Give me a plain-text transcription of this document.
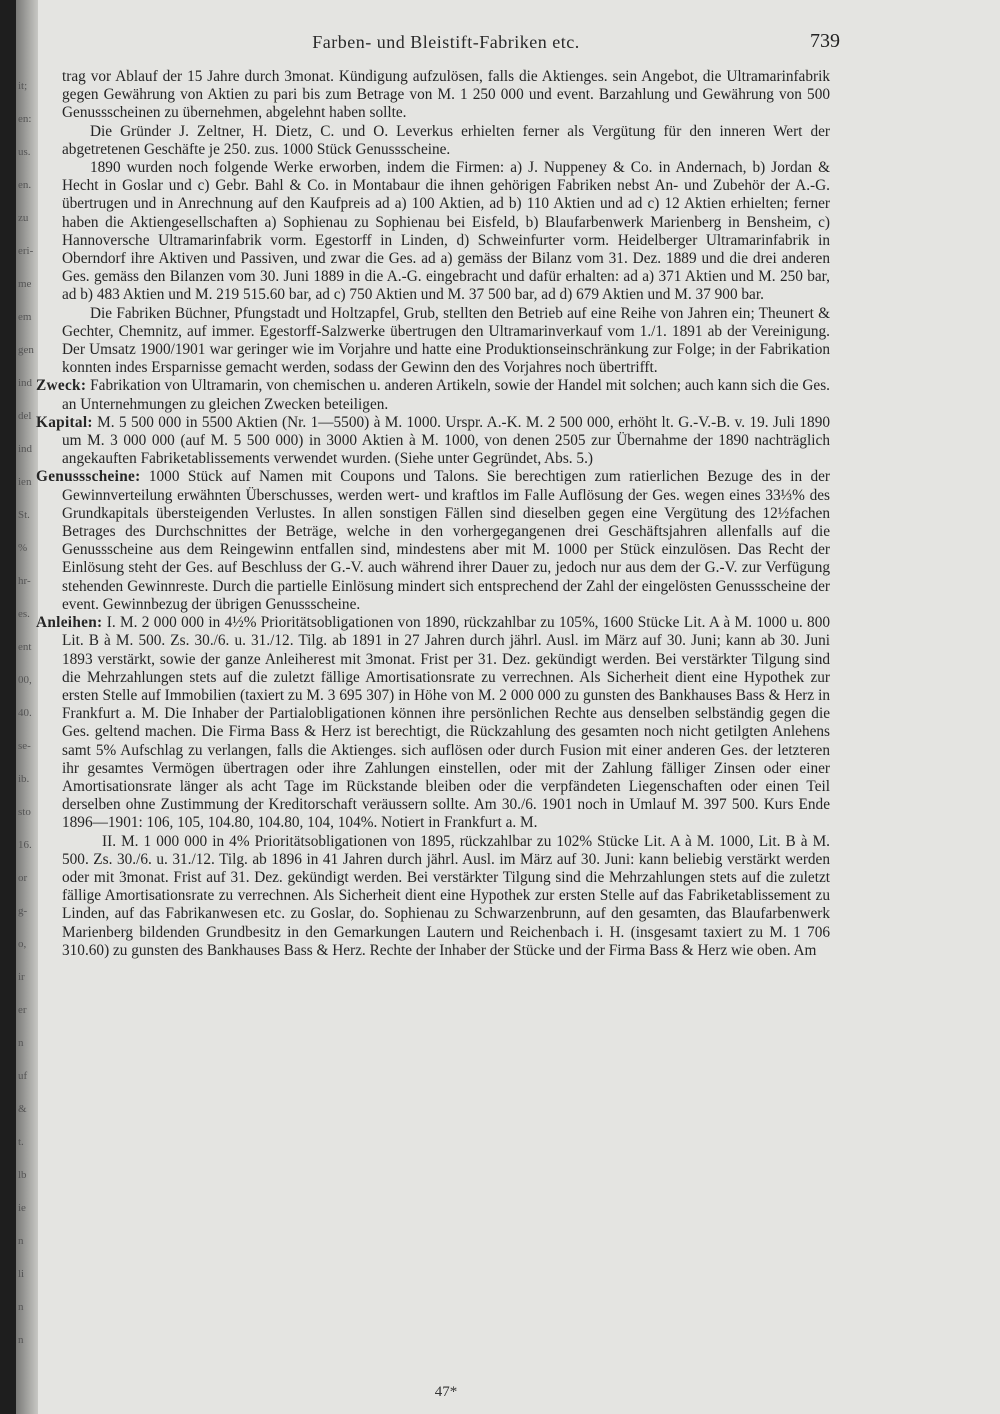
it;
en:
us.
en.
zu
eri-
me
em
gen
ind
del
ind
ien
St.
%
hr-
es.
ent
00,
40.
se-
ib.
sto
16.
or
g-
o,
ir
er
n
uf
&
t.
lb
ie
n
li
n
n
Farben- und Bleistift-Fabriken etc.	739

trag vor Ablauf der 15 Jahre durch 3monat. Kündigung aufzulösen, falls die Aktienges. sein Angebot, die Ultramarinfabrik gegen Gewährung von Aktien zu pari bis zum Betrage von M. 1 250 000 und event. Barzahlung und Gewährung von 500 Genussscheinen zu übernehmen, abgelehnt haben sollte.

Die Gründer J. Zeltner, H. Dietz, C. und O. Leverkus erhielten ferner als Vergütung für den inneren Wert der abgetretenen Geschäfte je 250. zus. 1000 Stück Genussscheine.

1890 wurden noch folgende Werke erworben, indem die Firmen: a) J. Nuppeney & Co. in Andernach, b) Jordan & Hecht in Goslar und c) Gebr. Bahl & Co. in Montabaur die ihnen gehörigen Fabriken nebst An- und Zubehör der A.-G. übertrugen und in Anrechnung auf den Kaufpreis ad a) 100 Aktien, ad b) 110 Aktien und ad c) 12 Aktien erhielten; ferner haben die Aktiengesellschaften a) Sophienau zu Sophienau bei Eisfeld, b) Blaufarbenwerk Marienberg in Bensheim, c) Hannoversche Ultramarinfabrik vorm. Egestorff in Linden, d) Schweinfurter vorm. Heidelberger Ultramarinfabrik in Oberndorf ihre Aktiven und Passiven, und zwar die Ges. ad a) gemäss der Bilanz vom 31. Dez. 1889 und die drei anderen Ges. gemäss den Bilanzen vom 30. Juni 1889 in die A.-G. eingebracht und dafür erhalten: ad a) 371 Aktien und M. 250 bar, ad b) 483 Aktien und M. 219 515.60 bar, ad c) 750 Aktien und M. 37 500 bar, ad d) 679 Aktien und M. 37 900 bar.

Die Fabriken Büchner, Pfungstadt und Holtzapfel, Grub, stellten den Betrieb auf eine Reihe von Jahren ein; Theunert & Gechter, Chemnitz, auf immer. Egestorff-Salzwerke übertrugen den Ultramarinverkauf vom 1./1. 1891 ab der Vereinigung. Der Umsatz 1900/1901 war geringer wie im Vorjahre und hatte eine Produktionseinschränkung zur Folge; in der Fabrikation konnten indes Ersparnisse gemacht werden, sodass der Gewinn den des Vorjahres noch übertrifft.

Zweck: Fabrikation von Ultramarin, von chemischen u. anderen Artikeln, sowie der Handel mit solchen; auch kann sich die Ges. an Unternehmungen zu gleichen Zwecken beteiligen.

Kapital: M. 5 500 000 in 5500 Aktien (Nr. 1—5500) à M. 1000. Urspr. A.-K. M. 2 500 000, erhöht lt. G.-V.-B. v. 19. Juli 1890 um M. 3 000 000 (auf M. 5 500 000) in 3000 Aktien à M. 1000, von denen 2505 zur Übernahme der 1890 nachträglich angekauften Fabriketablissements verwendet wurden. (Siehe unter Gegründet, Abs. 5.)

Genussscheine: 1000 Stück auf Namen mit Coupons und Talons. Sie berechtigen zum ratierlichen Bezuge des in der Gewinnverteilung erwähnten Überschusses, werden wert- und kraftlos im Falle Auflösung der Ges. wegen eines 33⅓% des Grundkapitals übersteigenden Verlustes. In allen sonstigen Fällen sind dieselben gegen eine Vergütung des 12½fachen Betrages des Durchschnittes der Beträge, welche in den vorhergegangenen drei Geschäftsjahren allenfalls auf die Genussscheine aus dem Reingewinn entfallen sind, mindestens aber mit M. 1000 per Stück einzulösen. Das Recht der Einlösung steht der Ges. auf Beschluss der G.-V. auch während ihrer Dauer zu, jedoch nur aus dem der G.-V. zur Verfügung stehenden Gewinnreste. Durch die partielle Einlösung mindert sich entsprechend der Zahl der eingelösten Genussscheine der event. Gewinnbezug der übrigen Genussscheine.

Anleihen: I. M. 2 000 000 in 4½% Prioritätsobligationen von 1890, rückzahlbar zu 105%, 1600 Stücke Lit. A à M. 1000 u. 800 Lit. B à M. 500. Zs. 30./6. u. 31./12. Tilg. ab 1891 in 27 Jahren durch jährl. Ausl. im März auf 30. Juni; kann ab 30. Juni 1893 verstärkt, sowie der ganze Anleiherest mit 3monat. Frist per 31. Dez. gekündigt werden. Bei verstärkter Tilgung sind die Mehrzahlungen stets auf die zuletzt fällige Amortisationsrate zu verrechnen. Als Sicherheit dient eine Hypothek zur ersten Stelle auf Immobilien (taxiert zu M. 3 695 307) in Höhe von M. 2 000 000 zu gunsten des Bankhauses Bass & Herz in Frankfurt a. M. Die Inhaber der Partialobligationen können ihre persönlichen Rechte aus denselben selbständig gegen die Ges. geltend machen. Die Firma Bass & Herz ist berechtigt, die Rückzahlung des gesamten noch nicht getilgten Anlehens samt 5% Aufschlag zu verlangen, falls die Aktienges. sich auflösen oder durch Fusion mit einer anderen Ges. der letzteren ihr gesamtes Vermögen übertragen oder ihre Zahlungen einstellen, oder mit der Zahlung fälliger Zinsen oder einer Amortisationsrate länger als acht Tage im Rückstande bleiben oder die verpfändeten Liegenschaften oder einen Teil derselben ohne Zustimmung der Kreditorschaft veräussern sollte. Am 30./6. 1901 noch in Umlauf M. 397 500. Kurs Ende 1896—1901: 106, 105, 104.80, 104.80, 104, 104%. Notiert in Frankfurt a. M.

II. M. 1 000 000 in 4% Prioritätsobligationen von 1895, rückzahlbar zu 102% Stücke Lit. A à M. 1000, Lit. B à M. 500. Zs. 30./6. u. 31./12. Tilg. ab 1896 in 41 Jahren durch jährl. Ausl. im März auf 30. Juni: kann beliebig verstärkt werden oder mit 3monat. Frist auf 31. Dez. gekündigt werden. Bei verstärkter Tilgung sind die Mehrzahlungen stets auf die zuletzt fällige Amortisationsrate zu verrechnen. Als Sicherheit dient eine Hypothek zur ersten Stelle auf das Fabriketablissement zu Linden, auf das Fabrikanwesen etc. zu Goslar, do. Sophienau zu Schwarzenbrunn, auf den gesamten, das Blaufarbenwerk Marienberg bildenden Grundbesitz in den Gemarkungen Lautern und Reichenbach i. H. (insgesamt taxiert zu M. 1 706 310.60) zu gunsten des Bankhauses Bass & Herz. Rechte der Inhaber der Stücke und der Firma Bass & Herz wie oben. Am

47*
